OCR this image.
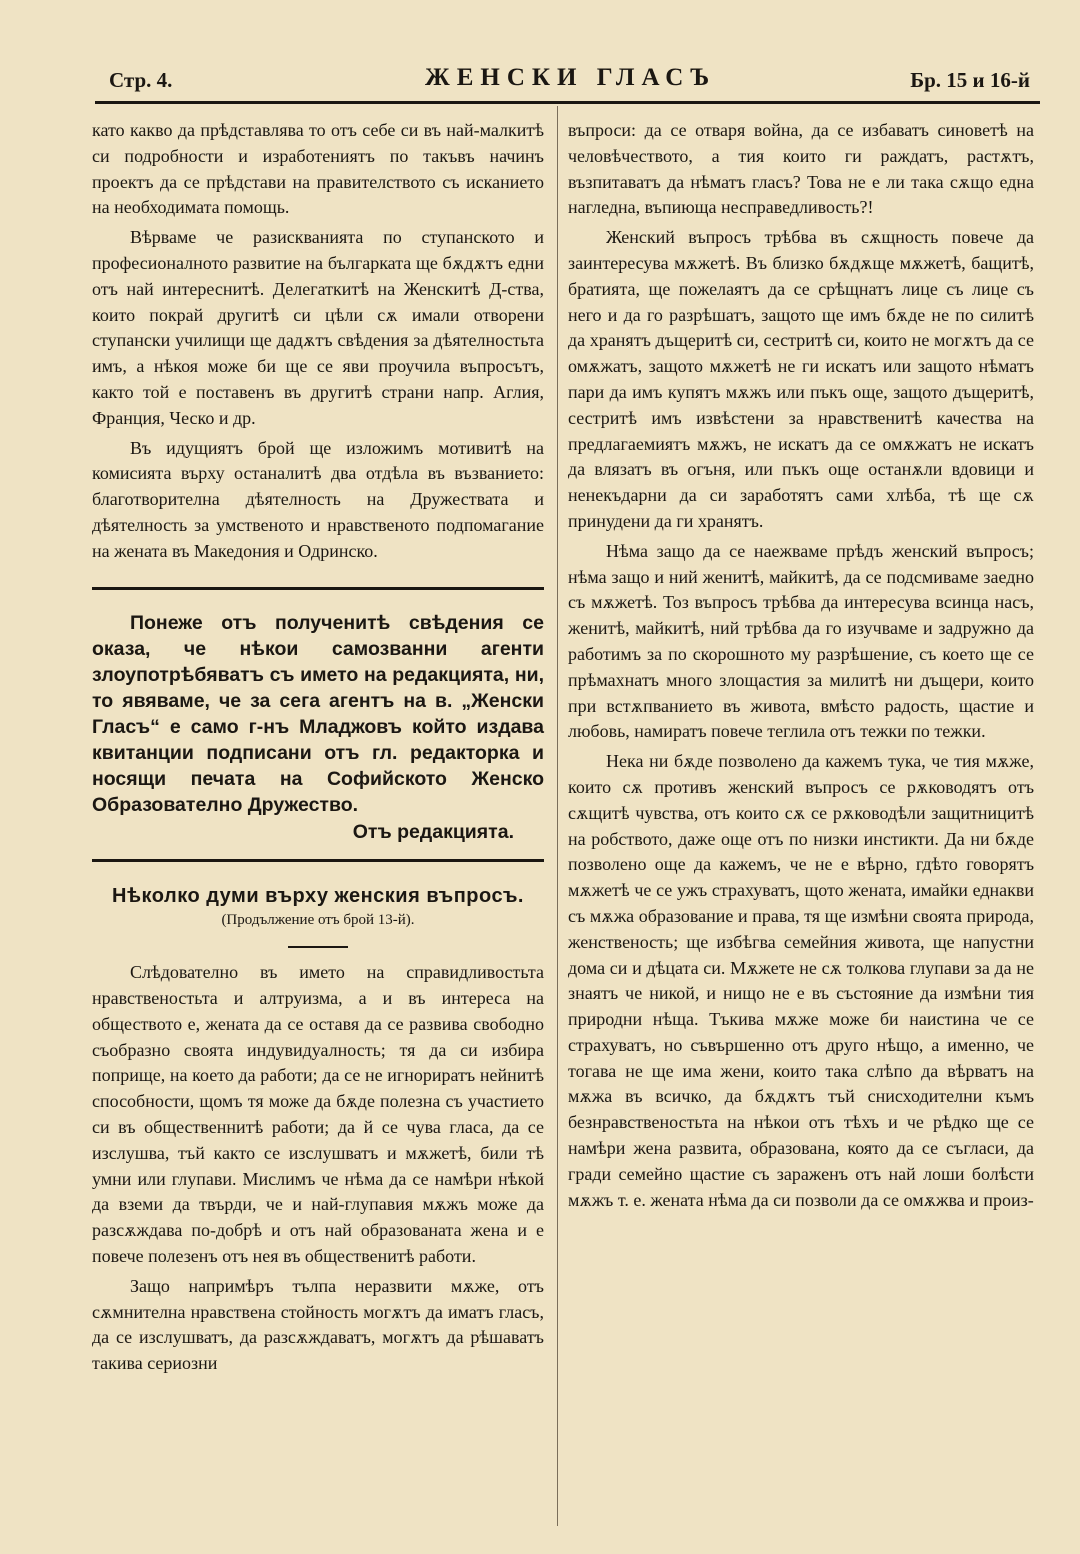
Стр. 4.	ЖЕНСКИ ГЛАСЪ	Бр. 15 и 16-й

като какво да прѣдставлява то отъ себе си въ най-малкитѣ си подробности и изработениятъ по такъвъ начинъ проектъ да се прѣдстави на правителството съ исканието на необходимата помощь.

Вѣрваме че разискванията по ступанското и професионалното развитие на българката ще бѫдѫтъ едни отъ най интереснитѣ. Делегаткитѣ на Женскитѣ Д-ства, които покрай другитѣ си цѣли сѫ имали отворени ступански училищи ще дадѫтъ свѣдения за дѣятелностьта имъ, а нѣкоя може би ще се яви проучила въпросътъ, както той е поставенъ въ другитѣ страни напр. Аглия, Франция, Ческо и др.

Въ идущиятъ брой ще изложимъ мотивитѣ на комисията върху останалитѣ два отдѣла въ възванието: благотворителна дѣятелность на Дружествата и дѣятелность за умственото и нравственото подпомагание на жената въ Македония и Одринско.

Понеже отъ полученитѣ свѣдения се оказа, че нѣкои самозванни агенти злоупотрѣбяватъ съ името на редакцията, ни, то явяваме, че за сега агентъ на в. „Женски Гласъ“ е само г-нъ Младжовъ който издава квитанции подписани отъ гл. редакторка и носящи печата на Софийското Женско Образователно Дружество.

Отъ редакцията.

Нѣколко думи върху женския въпросъ.

(Продължение отъ брой 13-й).

Слѣдователно въ името на справидливостьта нравственостьта и алтруизма, а и въ интереса на обществото е, жената да се оставя да се развива свободно съобразно своята индувидуалность; тя да си избира поприще, на което да работи; да се не игнориратъ нейнитѣ способности, щомъ тя може да бѫде полезна съ участието си въ общественнитѣ работи; да й се чува гласа, да се изслушва, тъй както се изслушватъ и мѫжетѣ, били тѣ умни или глупави. Мислимъ че нѣма да се намѣри нѣкой да вземи да твърди, че и най-глупавия мѫжъ може да разсѫждава по-добрѣ и отъ най образованата жена и е повече полезенъ отъ нея въ общественитѣ работи.

Защо напримѣръ тълпа неразвити мѫже, отъ сѫмнителна нравствена стойность могѫтъ да иматъ гласъ, да се изслушватъ, да разсѫждаватъ, могѫтъ да рѣшаватъ такива сериозни

въпроси: да се отваря война, да се избаватъ синоветѣ на человѣчеството, а тия които ги раждатъ, растѫтъ, възпитаватъ да нѣматъ гласъ? Това не е ли така сѫщо една нагледна, въпиюща несправедливость?!

Женский въпросъ трѣбва въ сѫщность повече да заинтересува мѫжетѣ. Въ близко бѫдѫще мѫжетѣ, бащитѣ, братията, ще пожелаятъ да се срѣщнатъ лице съ лице съ него и да го разрѣшатъ, защото ще имъ бѫде не по силитѣ да хранятъ дъщеритѣ си, сестритѣ си, които не могѫтъ да се омѫжатъ, защото мѫжетѣ не ги искатъ или защото нѣматъ пари да имъ купятъ мѫжъ или пъкъ още, защото дъщеритѣ, сестритѣ имъ извѣстени за нравственитѣ качества на предлагаемиятъ мѫжъ, не искатъ да се омѫжатъ не искатъ да влязатъ въ огъня, или пъкъ още останѫли вдовици и ненекъдарни да си заработятъ сами хлѣба, тѣ ще сѫ принудени да ги хранятъ.

Нѣма защо да се наежваме прѣдъ женский въпросъ; нѣма защо и ний женитѣ, майкитѣ, да се подсмиваме заедно съ мѫжетѣ. Тоз въпросъ трѣбва да интересува всинца насъ, женитѣ, майкитѣ, ний трѣбва да го изучваме и задружно да работимъ за по скорошното му разрѣшение, съ което ще се прѣмахнатъ много злощастия за милитѣ ни дъщери, които при встѫпванието въ живота, вмѣсто радость, щастие и любовь, намиратъ повече теглила отъ тежки по тежки.

Нека ни бѫде позволено да кажемъ тука, че тия мѫже, които сѫ противъ женский въпросъ се рѫководятъ отъ сѫщитѣ чувства, отъ които сѫ се рѫководѣли защитницитѣ на робството, даже още отъ по низки инстикти. Да ни бѫде позволено още да кажемъ, че не е вѣрно, гдѣто говорятъ мѫжетѣ че се ужъ страхуватъ, щото жената, имайки еднакви съ мѫжа образование и права, тя ще измѣни своята природа, женственость; ще избѣгва семейния живота, ще напустни дома си и дѣцата си. Мѫжете не сѫ толкова глупави за да не знаятъ че никой, и нищо не е въ състояние да измѣни тия природни нѣща. Тъкива мѫже може би наистина че се страхуватъ, но съвършенно отъ друго нѣщо, а именно, че тогава не ще има жени, които така слѣпо да вѣрватъ на мѫжа въ всичко, да бѫдѫтъ тъй снисходителни къмъ безнравственостьта на нѣкои отъ тѣхъ и че рѣдко ще се намѣри жена развита, образована, която да се съгласи, да гради семейно щастие съ зараженъ отъ най лоши болѣсти мѫжъ т. е. жената нѣма да си позволи да се омѫжва и произ-
